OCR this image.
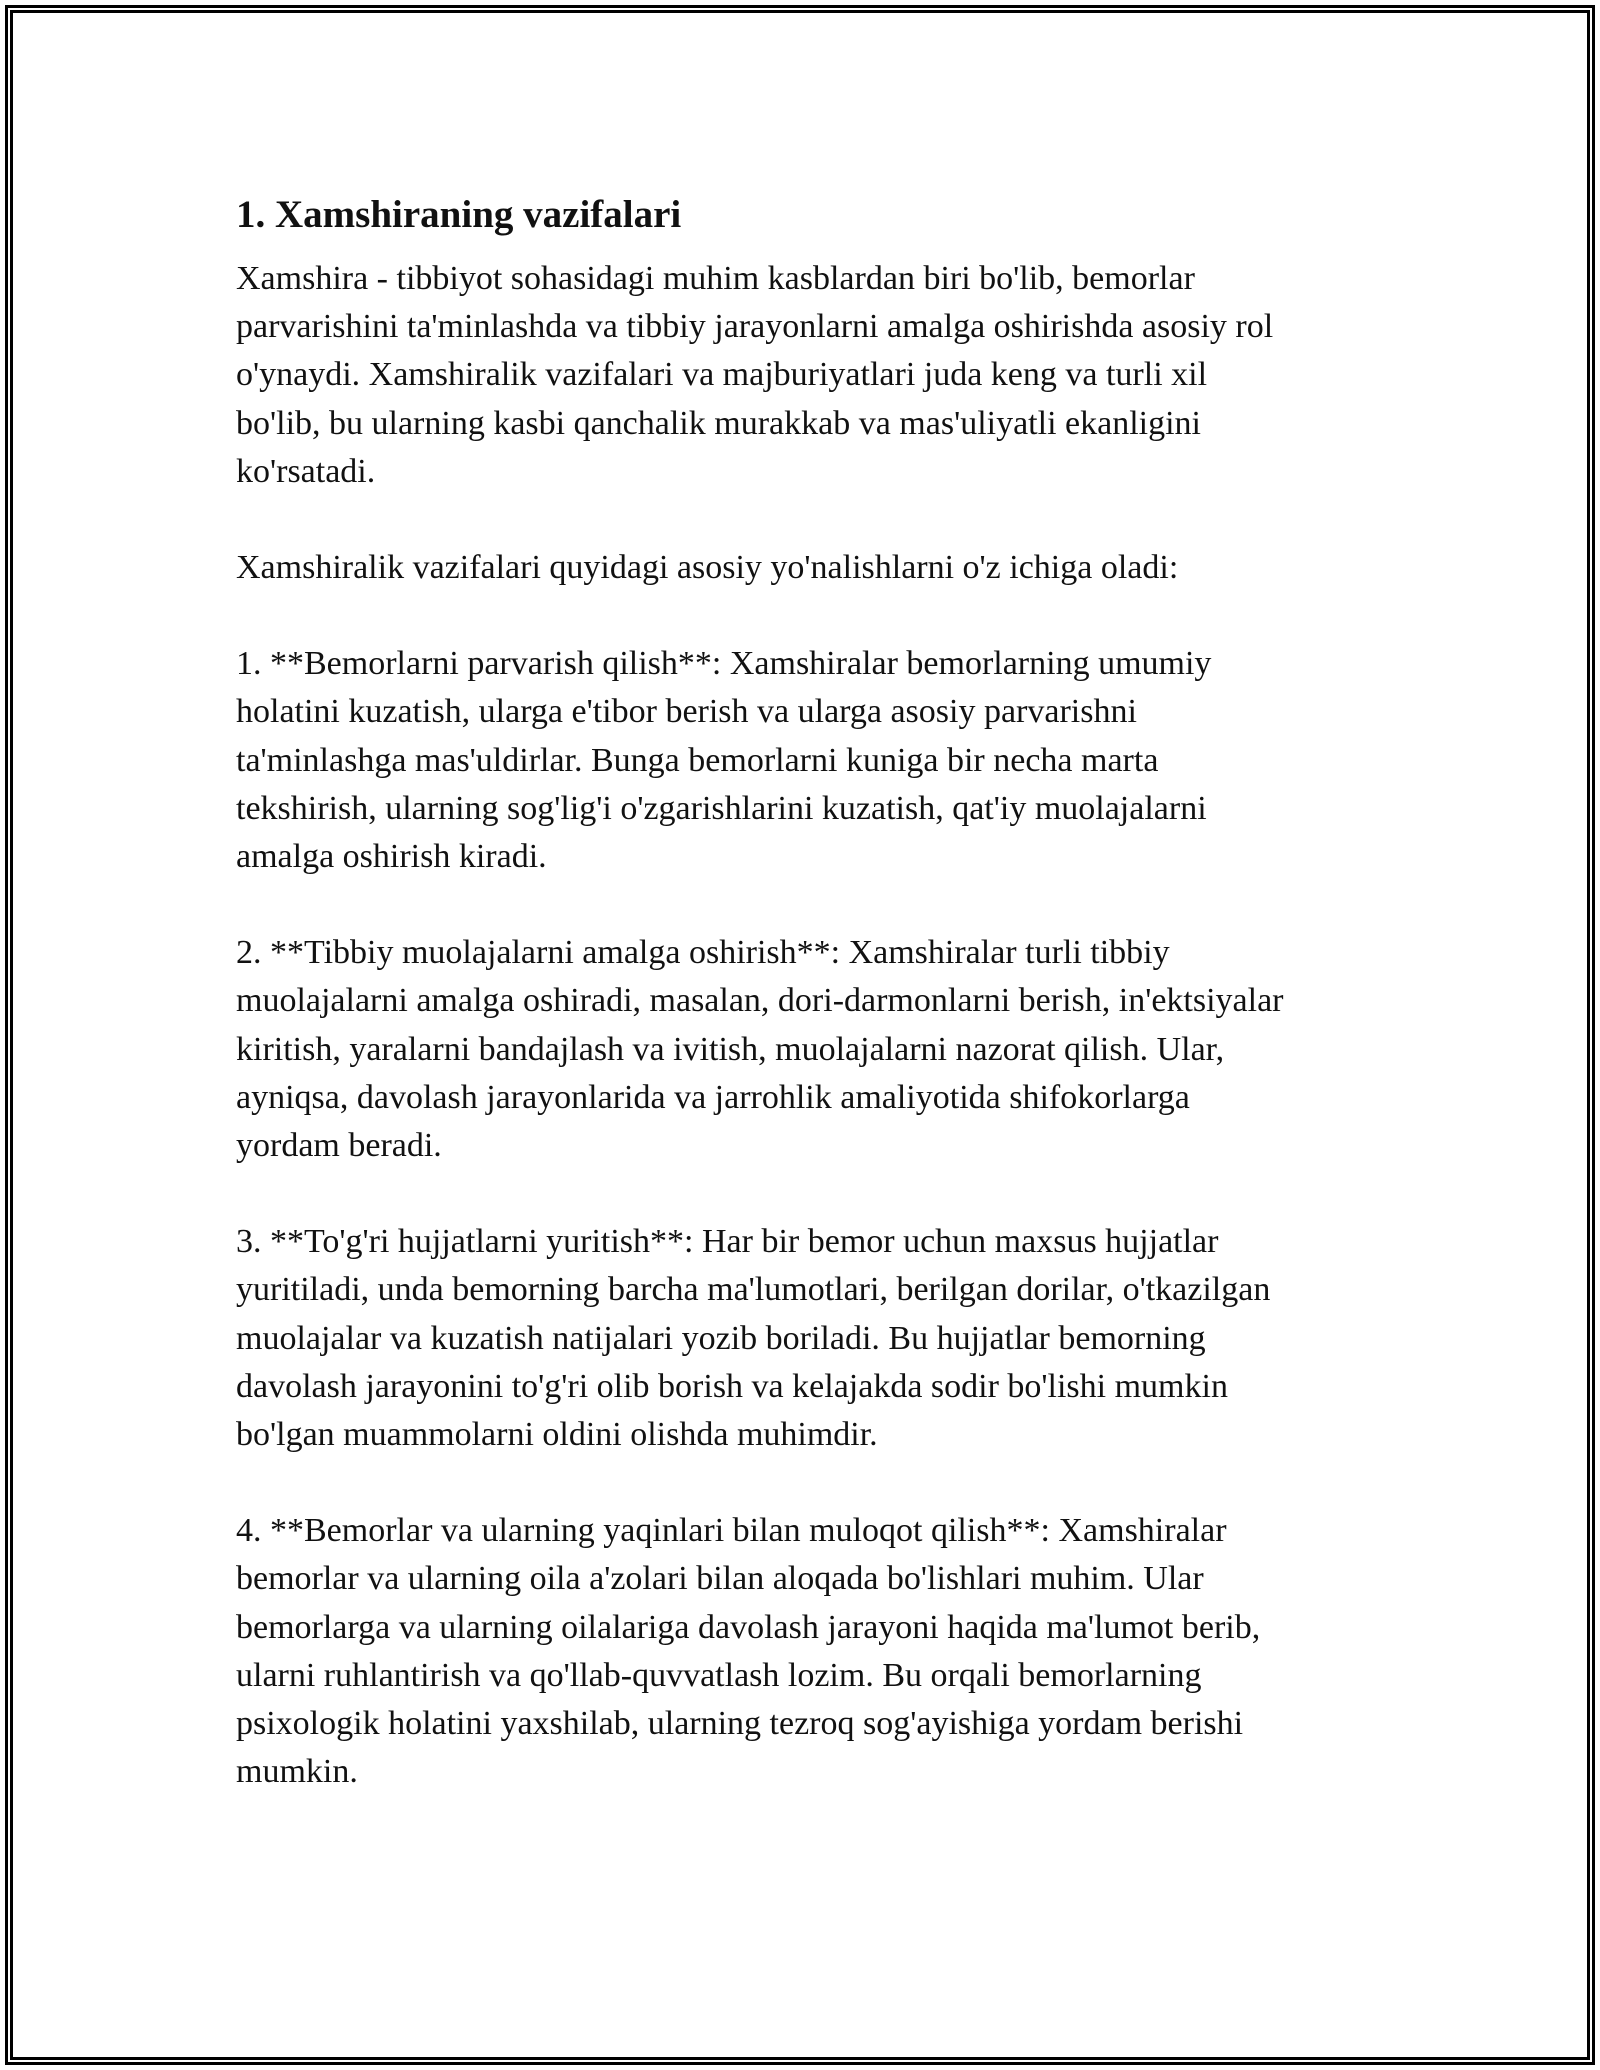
1. Xamshiraning vazifalari

Xamshira - tibbiyot sohasidagi muhim kasblardan biri bo'lib, bemorlar
parvarishini ta'minlashda va tibbiy jarayonlarni amalga oshirishda asosiy rol
o'ynaydi. Xamshiralik vazifalari va majburiyatlari juda keng va turli xil
bo'lib, bu ularning kasbi qanchalik murakkab va mas'uliyatli ekanligini
ko'rsatadi.

Xamshiralik vazifalari quyidagi asosiy yo'nalishlarni o'z ichiga oladi:

1. **Bemorlarni parvarish qilish**: Xamshiralar bemorlarning umumiy
holatini kuzatish, ularga e'tibor berish va ularga asosiy parvarishni
ta'minlashga mas'uldirlar. Bunga bemorlarni kuniga bir necha marta
tekshirish, ularning sog'lig'i o'zgarishlarini kuzatish, qat'iy muolajalarni
amalga oshirish kiradi.

2. **Tibbiy muolajalarni amalga oshirish**: Xamshiralar turli tibbiy
muolajalarni amalga oshiradi, masalan, dori-darmonlarni berish, in'ektsiyalar
kiritish, yaralarni bandajlash va ivitish, muolajalarni nazorat qilish. Ular,
ayniqsa, davolash jarayonlarida va jarrohlik amaliyotida shifokorlarga
yordam beradi.

3. **To'g'ri hujjatlarni yuritish**: Har bir bemor uchun maxsus hujjatlar
yuritiladi, unda bemorning barcha ma'lumotlari, berilgan dorilar, o'tkazilgan
muolajalar va kuzatish natijalari yozib boriladi. Bu hujjatlar bemorning
davolash jarayonini to'g'ri olib borish va kelajakda sodir bo'lishi mumkin
bo'lgan muammolarni oldini olishda muhimdir.

4. **Bemorlar va ularning yaqinlari bilan muloqot qilish**: Xamshiralar
bemorlar va ularning oila a'zolari bilan aloqada bo'lishlari muhim. Ular
bemorlarga va ularning oilalariga davolash jarayoni haqida ma'lumot berib,
ularni ruhlantirish va qo'llab-quvvatlash lozim. Bu orqali bemorlarning
psixologik holatini yaxshilab, ularning tezroq sog'ayishiga yordam berishi
mumkin.
